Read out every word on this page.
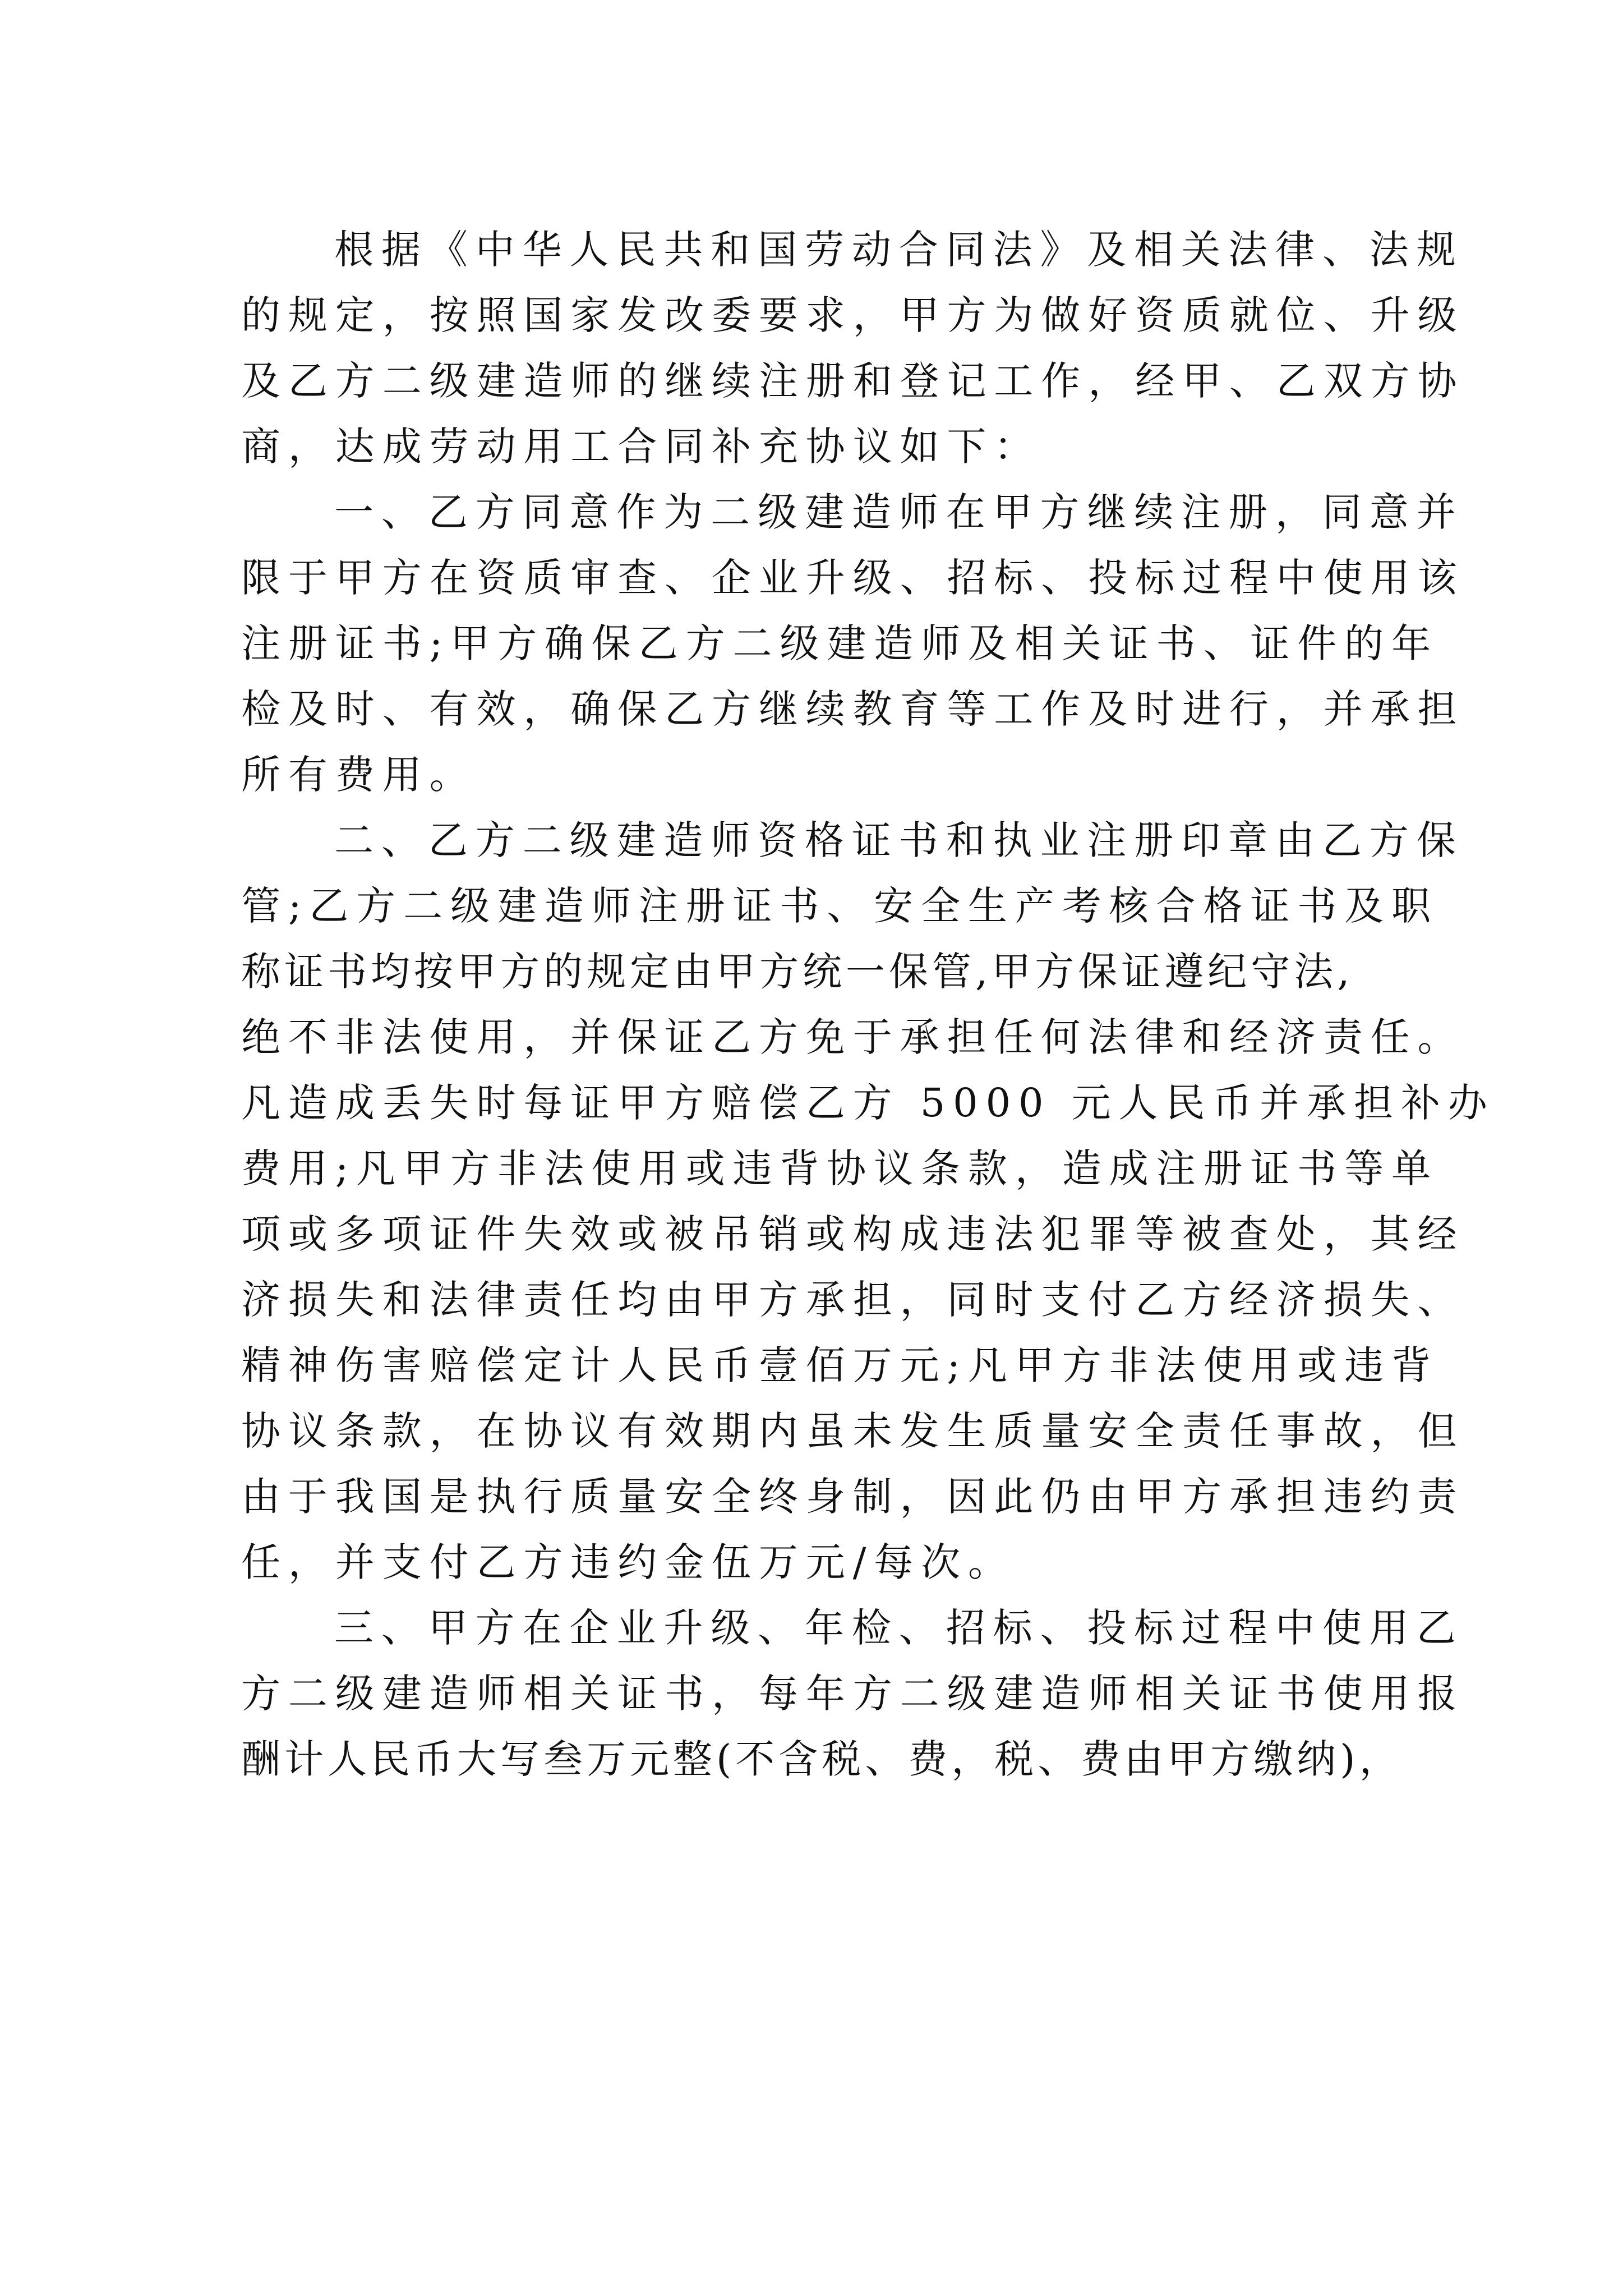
根据《中华人民共和国劳动合同法》及相关法律、法规

的规定，按照国家发改委要求，甲方为做好资质就位、升级

及乙方二级建造师的继续注册和登记工作，经甲、乙双方协

商，达成劳动用工合同补充协议如下：

一、乙方同意作为二级建造师在甲方继续注册，同意并

限于甲方在资质审查、企业升级、招标、投标过程中使用该

注册证书;甲方确保乙方二级建造师及相关证书、证件的年

检及时、有效，确保乙方继续教育等工作及时进行，并承担

所有费用。

二、乙方二级建造师资格证书和执业注册印章由乙方保

管;乙方二级建造师注册证书、安全生产考核合格证书及职

称证书均按甲方的规定由甲方统一保管,甲方保证遵纪守法,

绝不非法使用，并保证乙方免于承担任何法律和经济责任。

凡造成丢失时每证甲方赔偿乙方 5000 元人民币并承担补办

费用;凡甲方非法使用或违背协议条款，造成注册证书等单

项或多项证件失效或被吊销或构成违法犯罪等被查处，其经

济损失和法律责任均由甲方承担，同时支付乙方经济损失、

精神伤害赔偿定计人民币壹佰万元;凡甲方非法使用或违背

协议条款，在协议有效期内虽未发生质量安全责任事故，但

由于我国是执行质量安全终身制，因此仍由甲方承担违约责

任，并支付乙方违约金伍万元/每次。

三、甲方在企业升级、年检、招标、投标过程中使用乙

方二级建造师相关证书，每年方二级建造师相关证书使用报

酬计人民币大写叁万元整(不含税、费，税、费由甲方缴纳)，
